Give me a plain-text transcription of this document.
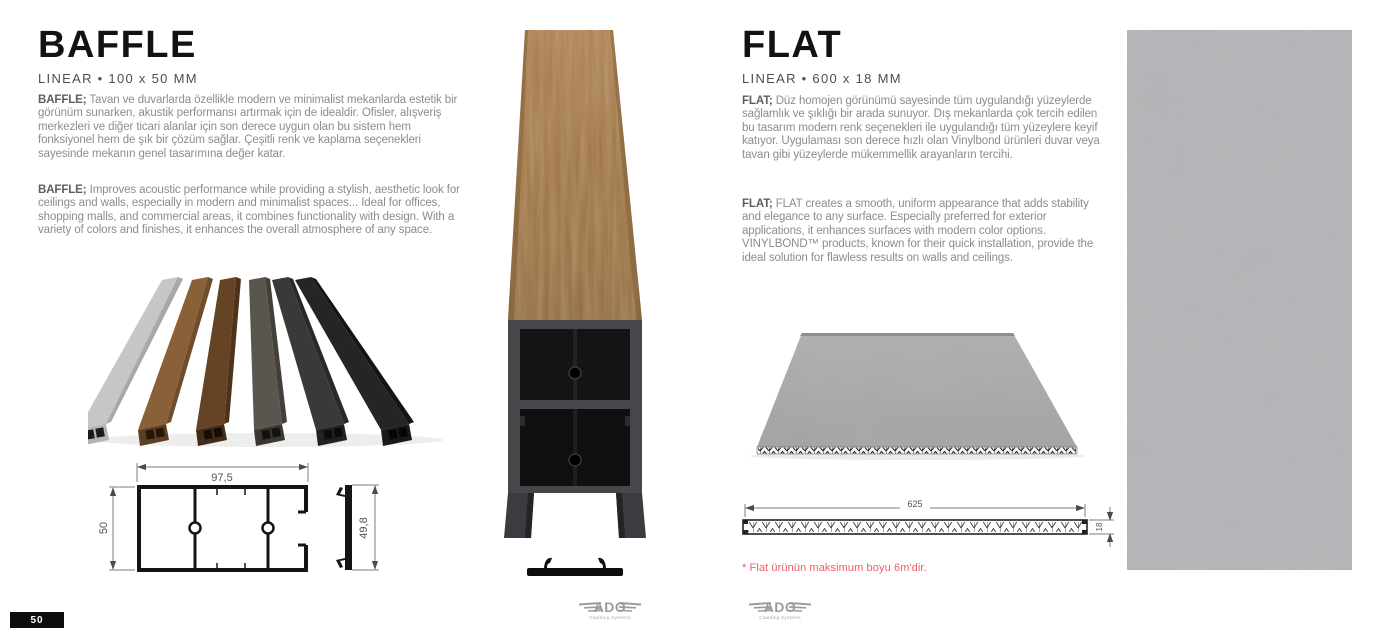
BAFFLE
LINEAR • 100 x 50 MM

BAFFLE; Tavan ve duvarlarda özellikle modern ve minimalist mekanlarda estetik bir görünüm sunarken, akustik performansı artırmak için de idealdir. Ofisler, alışveriş merkezleri ve diğer ticari alanlar için son derece uygun olan bu sistem hem fonksiyonel hem de şık bir çözüm sağlar. Çeşitli renk ve kaplama seçenekleri sayesinde mekanın genel tasarımına değer katar.

BAFFLE; Improves acoustic performance while providing a stylish, aesthetic look for ceilings and walls, especially in modern and minimalist spaces... Ideal for offices, shopping malls, and commercial areas, it combines functionality with design. With a variety of colors and finishes, it enhances the overall atmosphere of any space.

97,5
50	49,8
FLAT
LINEAR • 600 x 18 MM

FLAT; Düz homojen görünümü sayesinde tüm uygulandığı yüzeylerde sağlamlık ve şıklığı bir arada sunuyor. Dış mekanlarda çok tercih edilen bu tasarım modern renk seçenekleri ile uygulandığı tüm yüzeylere keyif katıyor. Uygulaması son derece hızlı olan Vinylbond ürünleri duvar veya tavan gibi yüzeylerde mükemmellik arayanların tercihi.

FLAT; FLAT creates a smooth, uniform appearance that adds stability and elegance to any surface. Especially preferred for exterior applications, it enhances surfaces with modern color options. VINYLBOND™ products, known for their quick installation, provide the ideal solution for flawless results on walls and ceilings.

625
18
* Flat ürünün maksimum boyu 6m'dir.
ADO
Cladding Systems
ADO
Cladding Systems
50
